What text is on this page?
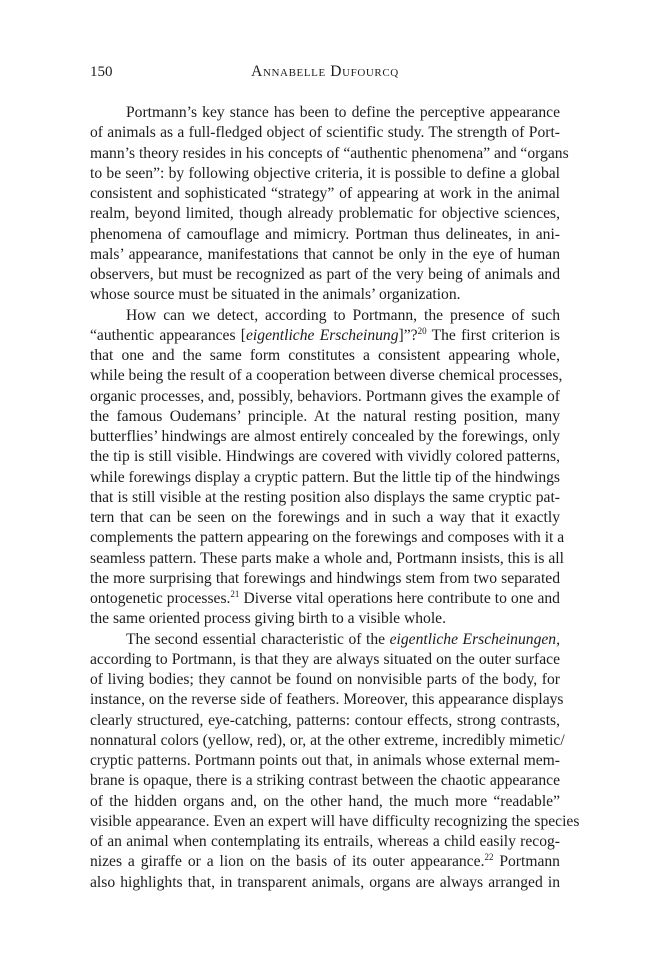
150	Annabelle Dufourcq
Portmann’s key stance has been to define the perceptive appearance
of animals as a full-fledged object of scientific study. The strength of Port-
mann’s theory resides in his concepts of “authentic phenomena” and “organs
to be seen”: by following objective criteria, it is possible to define a global
consistent and sophisticated “strategy” of appearing at work in the animal
realm, beyond limited, though already problematic for objective sciences,
phenomena of camouflage and mimicry. Portman thus delineates, in ani-
mals’ appearance, manifestations that cannot be only in the eye of human
observers, but must be recognized as part of the very being of animals and
whose source must be situated in the animals’ organization.
How can we detect, according to Portmann, the presence of such
“authentic appearances [eigentliche Erscheinung]”?$^{20}$ The first criterion is
that one and the same form constitutes a consistent appearing whole,
while being the result of a cooperation between diverse chemical processes,
organic processes, and, possibly, behaviors. Portmann gives the example of
the famous Oudemans’ principle. At the natural resting position, many
butterflies’ hindwings are almost entirely concealed by the forewings, only
the tip is still visible. Hindwings are covered with vividly colored patterns,
while forewings display a cryptic pattern. But the little tip of the hindwings
that is still visible at the resting position also displays the same cryptic pat-
tern that can be seen on the forewings and in such a way that it exactly
complements the pattern appearing on the forewings and composes with it a
seamless pattern. These parts make a whole and, Portmann insists, this is all
the more surprising that forewings and hindwings stem from two separated
ontogenetic processes.$^{21}$ Diverse vital operations here contribute to one and
the same oriented process giving birth to a visible whole.
The second essential characteristic of the eigentliche Erscheinungen,
according to Portmann, is that they are always situated on the outer surface
of living bodies; they cannot be found on nonvisible parts of the body, for
instance, on the reverse side of feathers. Moreover, this appearance displays
clearly structured, eye-catching, patterns: contour effects, strong contrasts,
nonnatural colors (yellow, red), or, at the other extreme, incredibly mimetic/
cryptic patterns. Portmann points out that, in animals whose external mem-
brane is opaque, there is a striking contrast between the chaotic appearance
of the hidden organs and, on the other hand, the much more “readable”
visible appearance. Even an expert will have difficulty recognizing the species
of an animal when contemplating its entrails, whereas a child easily recog-
nizes a giraffe or a lion on the basis of its outer appearance.$^{22}$ Portmann
also highlights that, in transparent animals, organs are always arranged in
